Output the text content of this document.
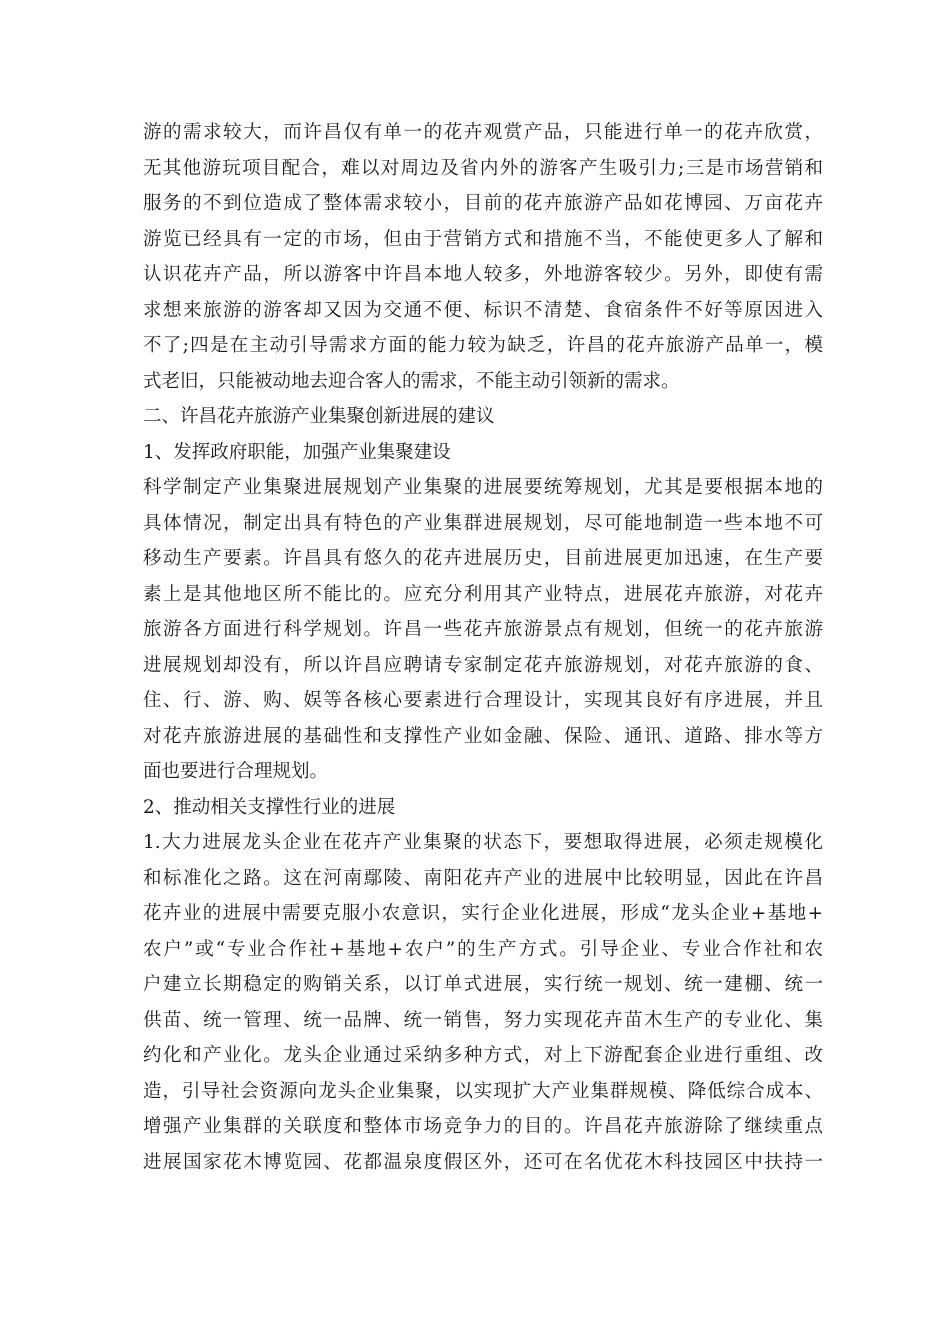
游的需求较大，而许昌仅有单一的花卉观赏产品，只能进行单一的花卉欣赏，
无其他游玩项目配合，难以对周边及省内外的游客产生吸引力;三是市场营销和
服务的不到位造成了整体需求较小，目前的花卉旅游产品如花博园、万亩花卉
游览已经具有一定的市场，但由于营销方式和措施不当，不能使更多人了解和
认识花卉产品，所以游客中许昌本地人较多，外地游客较少。另外，即使有需
求想来旅游的游客却又因为交通不便、标识不清楚、食宿条件不好等原因进入
不了;四是在主动引导需求方面的能力较为缺乏，许昌的花卉旅游产品单一，模
式老旧，只能被动地去迎合客人的需求，不能主动引领新的需求。
二、许昌花卉旅游产业集聚创新进展的建议
1、发挥政府职能，加强产业集聚建设
科学制定产业集聚进展规划产业集聚的进展要统筹规划，尤其是要根据本地的
具体情况，制定出具有特色的产业集群进展规划，尽可能地制造一些本地不可
移动生产要素。许昌具有悠久的花卉进展历史，目前进展更加迅速，在生产要
素上是其他地区所不能比的。应充分利用其产业特点，进展花卉旅游，对花卉
旅游各方面进行科学规划。许昌一些花卉旅游景点有规划，但统一的花卉旅游
进展规划却没有，所以许昌应聘请专家制定花卉旅游规划，对花卉旅游的食、
住、行、游、购、娱等各核心要素进行合理设计，实现其良好有序进展，并且
对花卉旅游进展的基础性和支撑性产业如金融、保险、通讯、道路、排水等方
面也要进行合理规划。
2、推动相关支撑性行业的进展
1.大力进展龙头企业在花卉产业集聚的状态下，要想取得进展，必须走规模化
和标准化之路。这在河南鄢陵、南阳花卉产业的进展中比较明显，因此在许昌
花卉业的进展中需要克服小农意识，实行企业化进展，形成“龙头企业+基地+
农户”或“专业合作社+基地+农户”的生产方式。引导企业、专业合作社和农
户建立长期稳定的购销关系，以订单式进展，实行统一规划、统一建棚、统一
供苗、统一管理、统一品牌、统一销售，努力实现花卉苗木生产的专业化、集
约化和产业化。龙头企业通过采纳多种方式，对上下游配套企业进行重组、改
造，引导社会资源向龙头企业集聚，以实现扩大产业集群规模、降低综合成本、
增强产业集群的关联度和整体市场竞争力的目的。许昌花卉旅游除了继续重点
进展国家花木博览园、花都温泉度假区外，还可在名优花木科技园区中扶持一
